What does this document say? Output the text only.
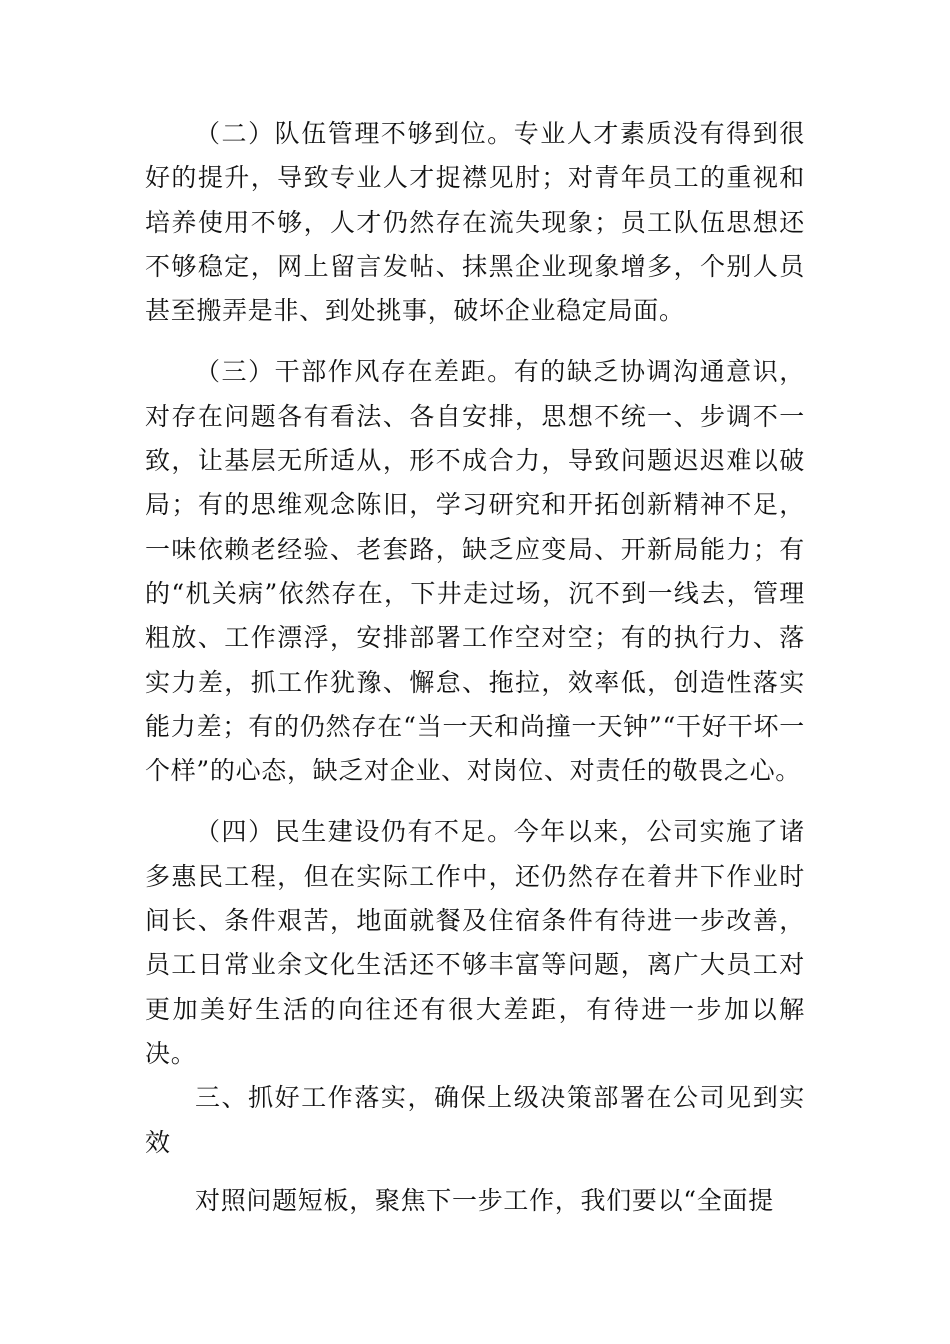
（二）队伍管理不够到位。专业人才素质没有得到很好的提升，导致专业人才捉襟见肘；对青年员工的重视和培养使用不够，人才仍然存在流失现象；员工队伍思想还不够稳定，网上留言发帖、抹黑企业现象增多，个别人员甚至搬弄是非、到处挑事，破坏企业稳定局面。

（三）干部作风存在差距。有的缺乏协调沟通意识，对存在问题各有看法、各自安排，思想不统一、步调不一致，让基层无所适从，形不成合力，导致问题迟迟难以破局；有的思维观念陈旧，学习研究和开拓创新精神不足，一味依赖老经验、老套路，缺乏应变局、开新局能力；有的“机关病”依然存在，下井走过场，沉不到一线去，管理粗放、工作漂浮，安排部署工作空对空；有的执行力、落实力差，抓工作犹豫、懈怠、拖拉，效率低，创造性落实能力差；有的仍然存在“当一天和尚撞一天钟”“干好干坏一个样”的心态，缺乏对企业、对岗位、对责任的敬畏之心。

（四）民生建设仍有不足。今年以来，公司实施了诸多惠民工程，但在实际工作中，还仍然存在着井下作业时间长、条件艰苦，地面就餐及住宿条件有待进一步改善，员工日常业余文化生活还不够丰富等问题，离广大员工对更加美好生活的向往还有很大差距，有待进一步加以解决。

三、抓好工作落实，确保上级决策部署在公司见到实效

对照问题短板，聚焦下一步工作，我们要以“全面提
